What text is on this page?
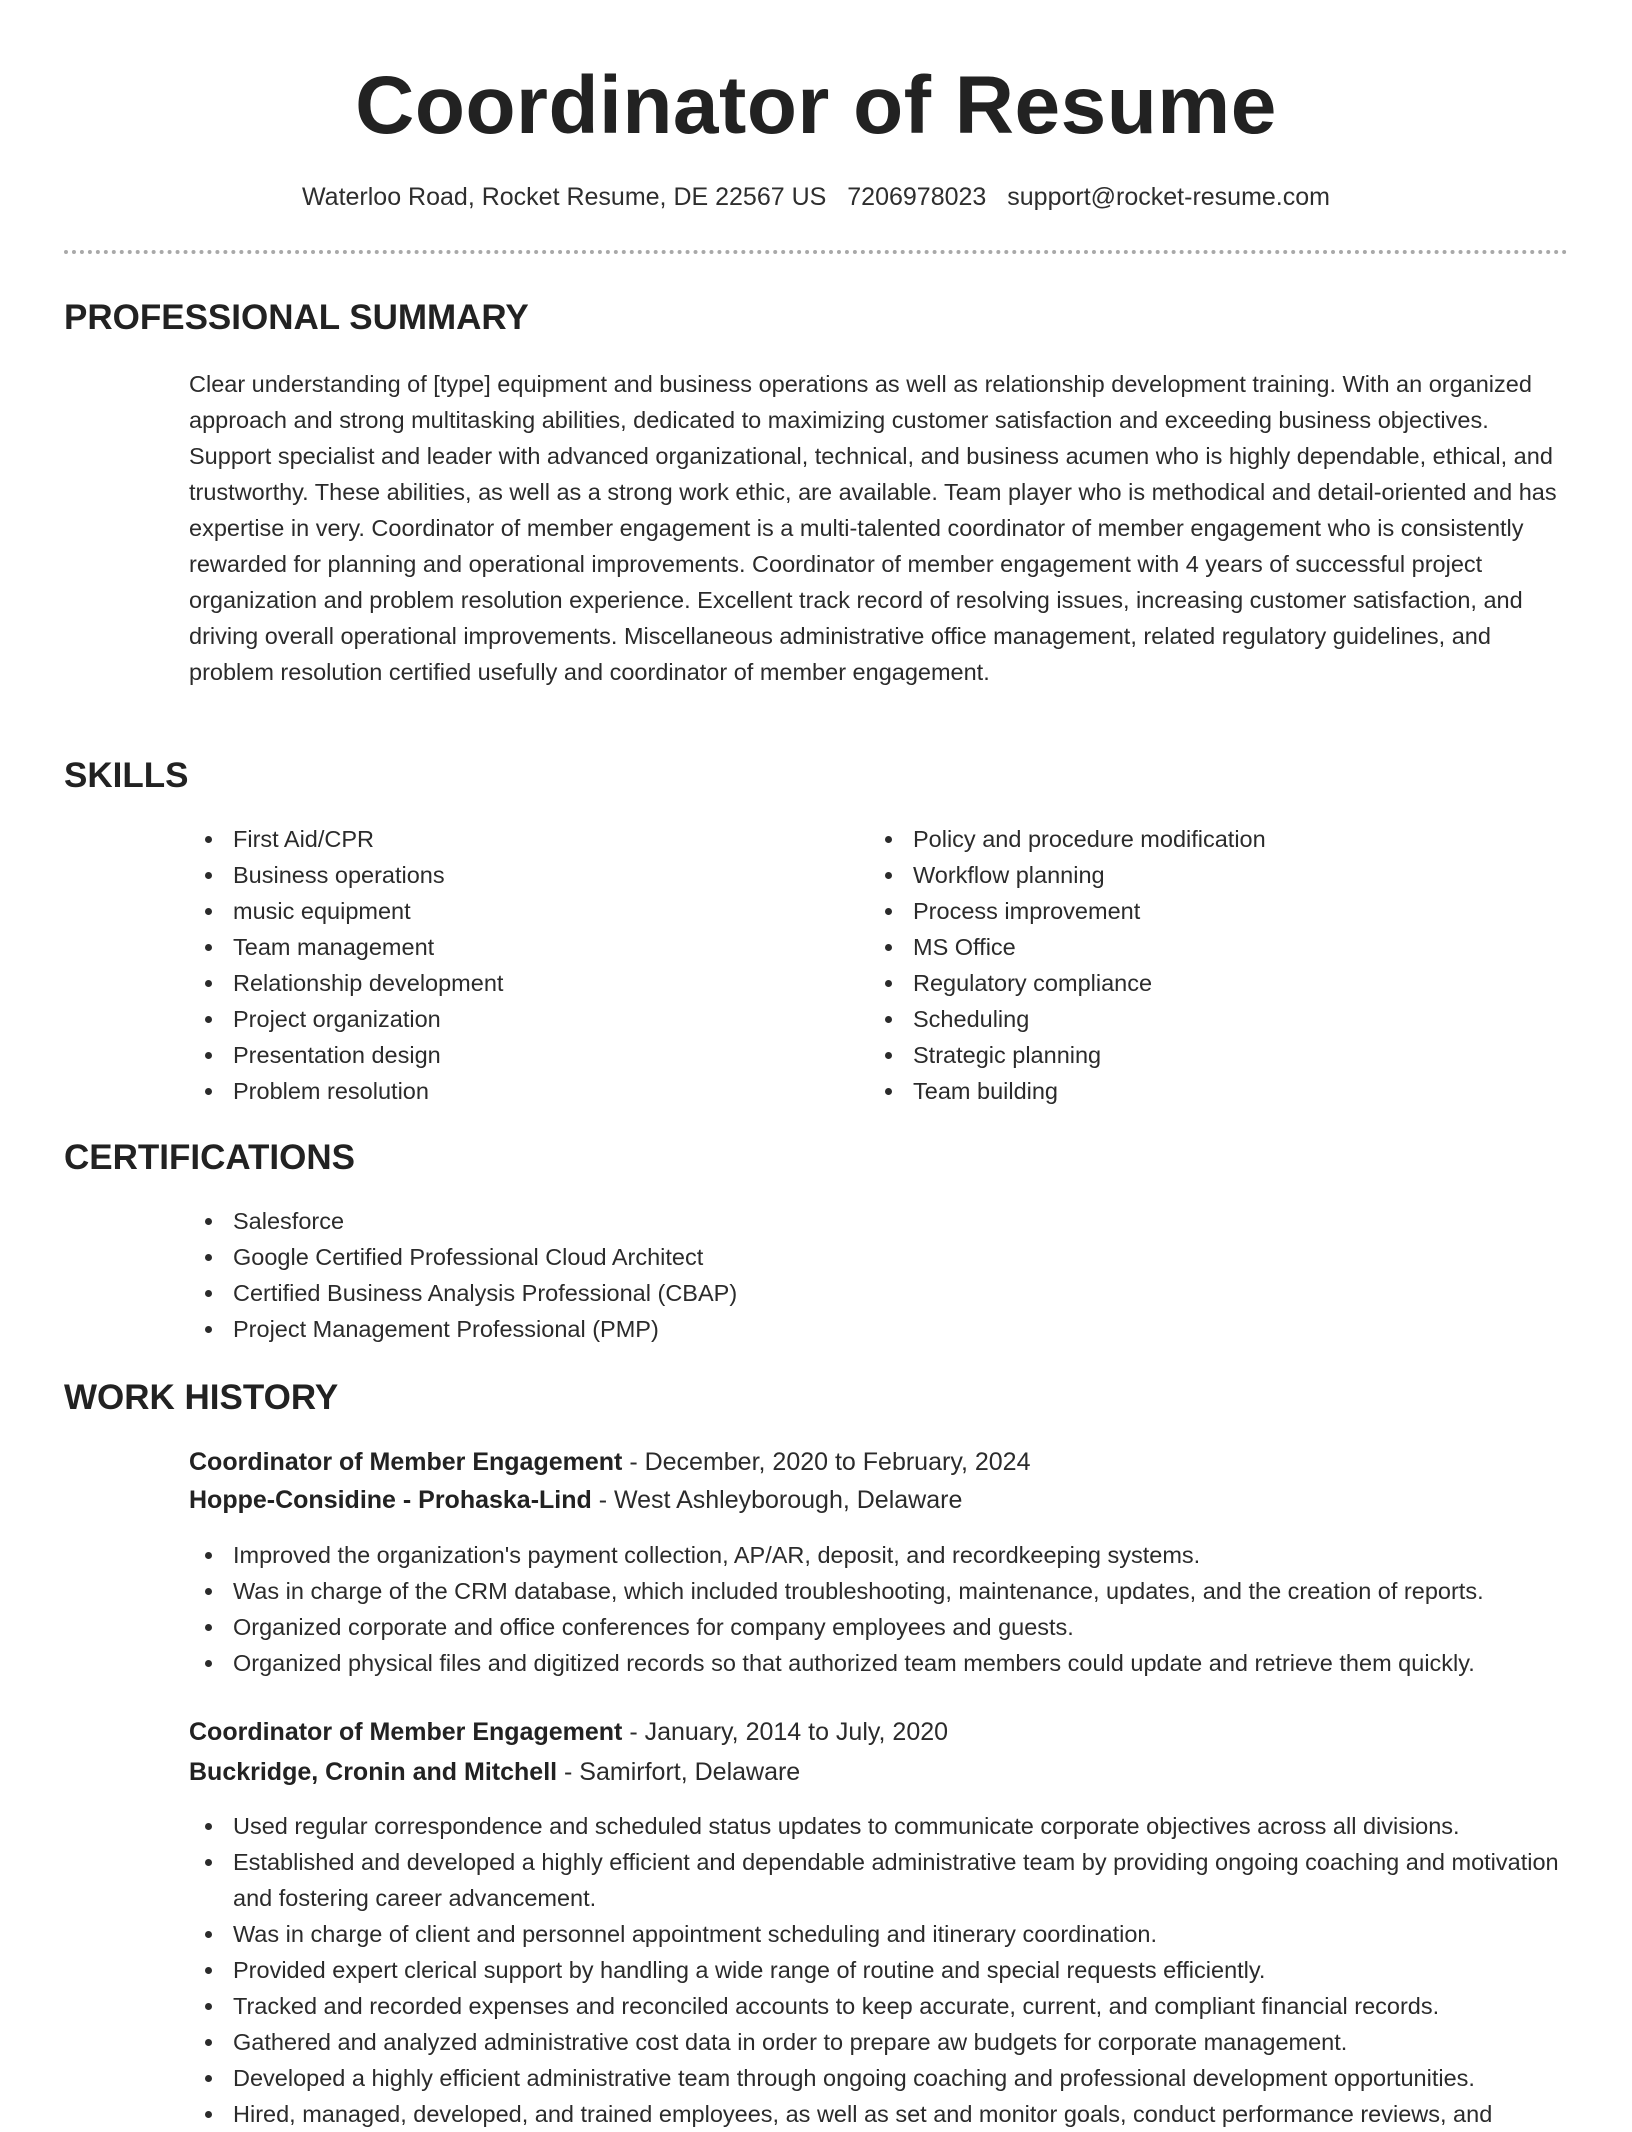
Coordinator of Resume
Waterloo Road, Rocket Resume, DE 22567 US 7206978023 support@rocket-resume.com
PROFESSIONAL SUMMARY

Clear understanding of [type] equipment and business operations as well as relationship development training. With an organized approach and strong multitasking abilities, dedicated to maximizing customer satisfaction and exceeding business objectives. Support specialist and leader with advanced organizational, technical, and business acumen who is highly dependable, ethical, and trustworthy. These abilities, as well as a strong work ethic, are available. Team player who is methodical and detail-oriented and has expertise in very. Coordinator of member engagement is a multi-talented coordinator of member engagement who is consistently rewarded for planning and operational improvements. Coordinator of member engagement with 4 years of successful project organization and problem resolution experience. Excellent track record of resolving issues, increasing customer satisfaction, and driving overall operational improvements. Miscellaneous administrative office management, related regulatory guidelines, and problem resolution certified usefully and coordinator of member engagement.

SKILLS
First Aid/CPR
Business operations
music equipment
Team management
Relationship development
Project organization
Presentation design
Problem resolution
Policy and procedure modification
Workflow planning
Process improvement
MS Office
Regulatory compliance
Scheduling
Strategic planning
Team building
CERTIFICATIONS
Salesforce
Google Certified Professional Cloud Architect
Certified Business Analysis Professional (CBAP)
Project Management Professional (PMP)
WORK HISTORY
Coordinator of Member Engagement - December, 2020 to February, 2024
Hoppe-Considine - Prohaska-Lind - West Ashleyborough, Delaware
Improved the organization's payment collection, AP/AR, deposit, and recordkeeping systems.
Was in charge of the CRM database, which included troubleshooting, maintenance, updates, and the creation of reports.
Organized corporate and office conferences for company employees and guests.
Organized physical files and digitized records so that authorized team members could update and retrieve them quickly.
Coordinator of Member Engagement - January, 2014 to July, 2020
Buckridge, Cronin and Mitchell - Samirfort, Delaware
Used regular correspondence and scheduled status updates to communicate corporate objectives across all divisions.
Established and developed a highly efficient and dependable administrative team by providing ongoing coaching and motivation and fostering career advancement.
Was in charge of client and personnel appointment scheduling and itinerary coordination.
Provided expert clerical support by handling a wide range of routine and special requests efficiently.
Tracked and recorded expenses and reconciled accounts to keep accurate, current, and compliant financial records.
Gathered and analyzed administrative cost data in order to prepare aw budgets for corporate management.
Developed a highly efficient administrative team through ongoing coaching and professional development opportunities.
Hired, managed, developed, and trained employees, as well as set and monitor goals, conduct performance reviews, and
